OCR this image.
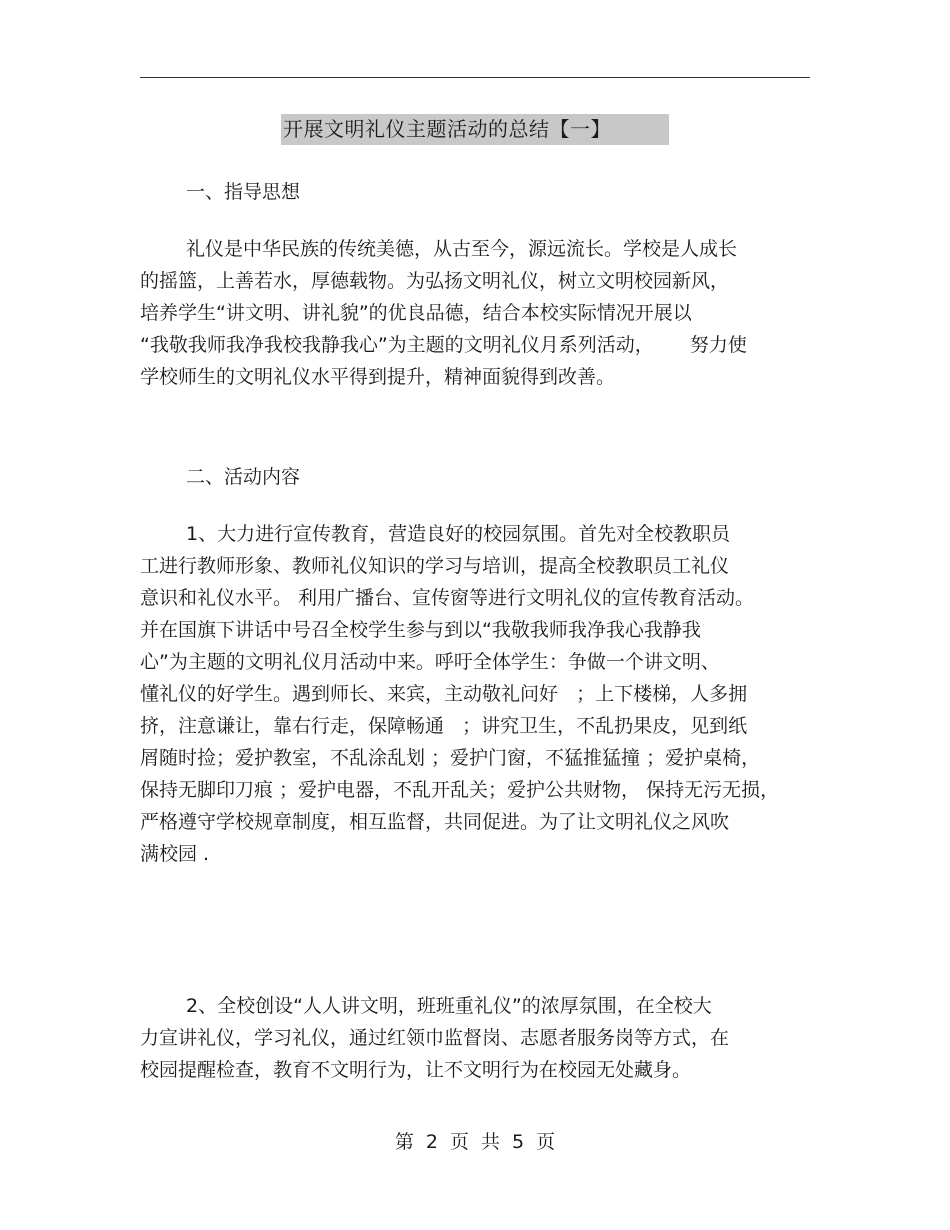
开展文明礼仪主题活动的总结【一】
一、指导思想
礼仪是中华民族的传统美德，从古至今，源远流长。学校是人成长
的摇篮，上善若水，厚德载物。为弘扬文明礼仪，树立文明校园新风，
培养学生“讲文明、讲礼貌”的优良品德，结合本校实际情况开展以
“我敬我师我净我校我静我心”为主题的文明礼仪月系列活动，      努力使
学校师生的文明礼仪水平得到提升，精神面貌得到改善。
二、活动内容
1、大力进行宣传教育，营造良好的校园氛围。首先对全校教职员
工进行教师形象、教师礼仪知识的学习与培训，提高全校教职员工礼仪
意识和礼仪水平。 利用广播台、宣传窗等进行文明礼仪的宣传教育活动。
并在国旗下讲话中号召全校学生参与到以“我敬我师我净我心我静我
心”为主题的文明礼仪月活动中来。呼吁全体学生：争做一个讲文明、
懂礼仪的好学生。遇到师长、来宾，主动敬礼问好   ；上下楼梯，人多拥
挤，注意谦让，靠右行走，保障畅通   ；讲究卫生，不乱扔果皮，见到纸
屑随时捡；爱护教室，不乱涂乱划 ；爱护门窗，不猛推猛撞 ；爱护桌椅，
保持无脚印刀痕 ；爱护电器，不乱开乱关；爱护公共财物， 保持无污无损，
严格遵守学校规章制度，相互监督，共同促进。为了让文明礼仪之风吹
满校园 .
2、全校创设“人人讲文明，班班重礼仪”的浓厚氛围，在全校大
力宣讲礼仪，学习礼仪，通过红领巾监督岗、志愿者服务岗等方式，在
校园提醒检查，教育不文明行为，让不文明行为在校园无处藏身。
第 2 页 共 5 页
